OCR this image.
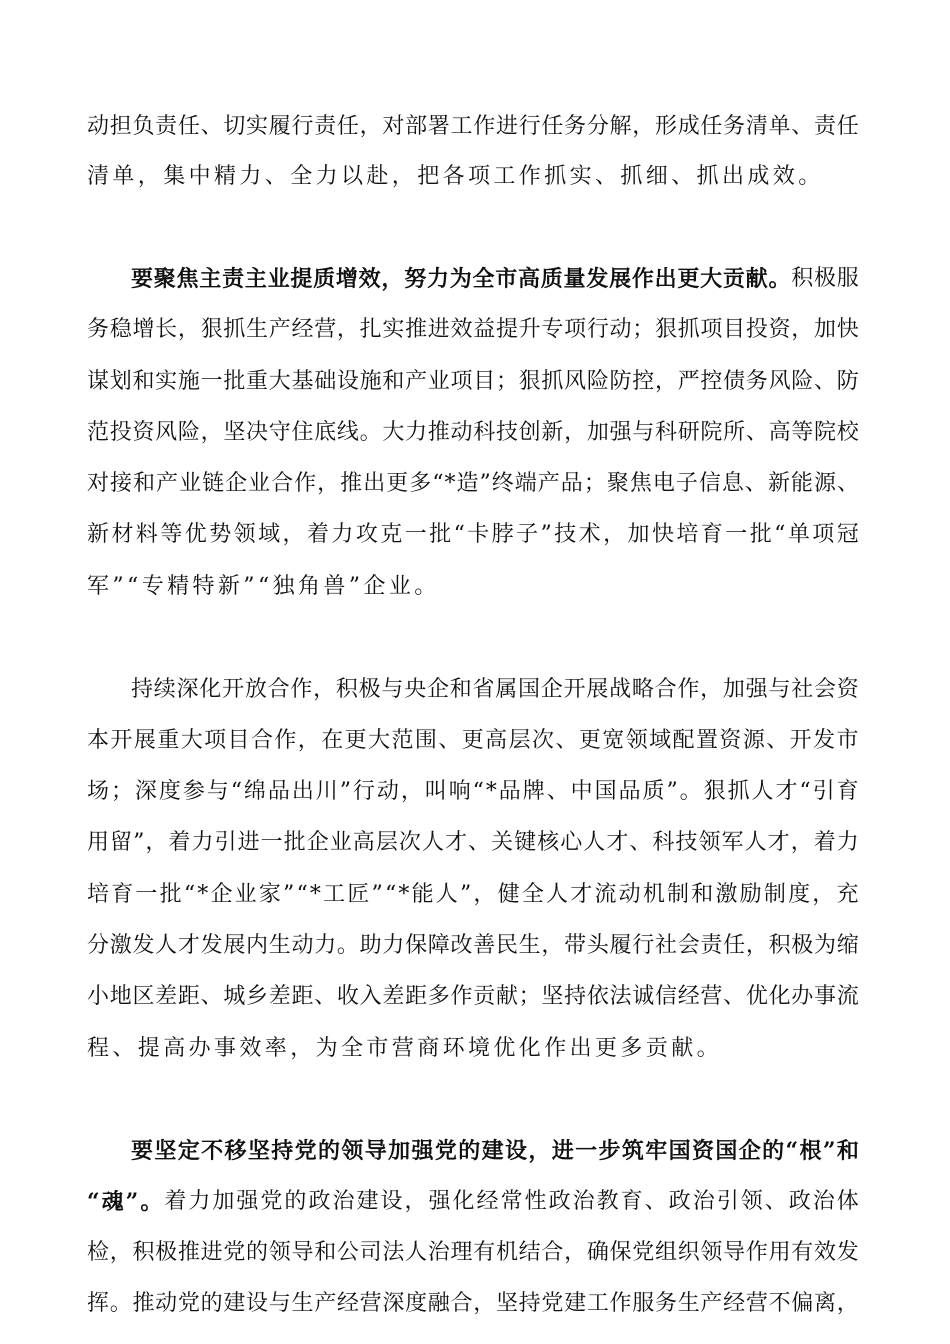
动 担 负 责 任 、 切 实 履 行 责 任 ， 对 部 署 工 作 进 行 任 务 分 解 ， 形 成 任 务 清 单 、 责 任
清单，集中精力、全力以赴，把各项工作抓实、抓细、抓出成效。
要 聚 焦 主 责 主 业 提 质 增 效 ， 努 力 为 全 市 高 质 量 发 展 作 出 更 大 贡 献 。 积 极 服
务 稳 增 长 ， 狠 抓 生 产 经 营 ， 扎 实 推 进 效 益 提 升 专 项 行 动 ； 狠 抓 项 目 投 资 ， 加 快
谋 划 和 实 施 一 批 重 大 基 础 设 施 和 产 业 项 目 ； 狠 抓 风 险 防 控 ， 严 控 债 务 风 险 、 防
范 投 资 风 险 ， 坚 决 守 住 底 线 。 大 力 推 动 科 技 创 新 ， 加 强 与 科 研 院 所 、 高 等 院 校
对 接 和 产 业 链 企 业 合 作 ， 推 出 更 多 “ * 造 ” 终 端 产 品 ； 聚 焦 电 子 信 息 、 新 能 源 、
新 材 料 等 优 势 领 域 ， 着 力 攻 克 一 批 “ 卡 脖 子 ” 技 术 ， 加 快 培 育 一 批 “ 单 项 冠
军”“专精特新”“独角兽”企业。
持 续 深 化 开 放 合 作 ， 积 极 与 央 企 和 省 属 国 企 开 展 战 略 合 作 ， 加 强 与 社 会 资
本 开 展 重 大 项 目 合 作 ， 在 更 大 范 围 、 更 高 层 次 、 更 宽 领 域 配 置 资 源 、 开 发 市
场 ； 深 度 参 与 “ 绵 品 出 川 ” 行 动 ， 叫 响 “ * 品 牌 、 中 国 品 质 ” 。 狠 抓 人 才 “ 引 育
用 留 ” ， 着 力 引 进 一 批 企 业 高 层 次 人 才 、 关 键 核 心 人 才 、 科 技 领 军 人 才 ， 着 力
培 育 一 批 “ * 企 业 家 ” “ * 工 匠 ” “ * 能 人 ” ， 健 全 人 才 流 动 机 制 和 激 励 制 度 ， 充
分 激 发 人 才 发 展 内 生 动 力 。 助 力 保 障 改 善 民 生 ， 带 头 履 行 社 会 责 任 ， 积 极 为 缩
小 地 区 差 距 、 城 乡 差 距 、 收 入 差 距 多 作 贡 献 ； 坚 持 依 法 诚 信 经 营 、 优 化 办 事 流
程、提高办事效率，为全市营商环境优化作出更多贡献。
要 坚 定 不 移 坚 持 党 的 领 导 加 强 党 的 建 设 ， 进 一 步 筑 牢 国 资 国 企 的 “ 根 ” 和
“ 魂 ” 。 着 力 加 强 党 的 政 治 建 设 ， 强 化 经 常 性 政 治 教 育 、 政 治 引 领 、 政 治 体
检 ， 积 极 推 进 党 的 领 导 和 公 司 法 人 治 理 有 机 结 合 ， 确 保 党 组 织 领 导 作 用 有 效 发
挥 。 推 动 党 的 建 设 与 生 产 经 营 深 度 融 合 ， 坚 持 党 建 工 作 服 务 生 产 经 营 不 偏 离 ，
